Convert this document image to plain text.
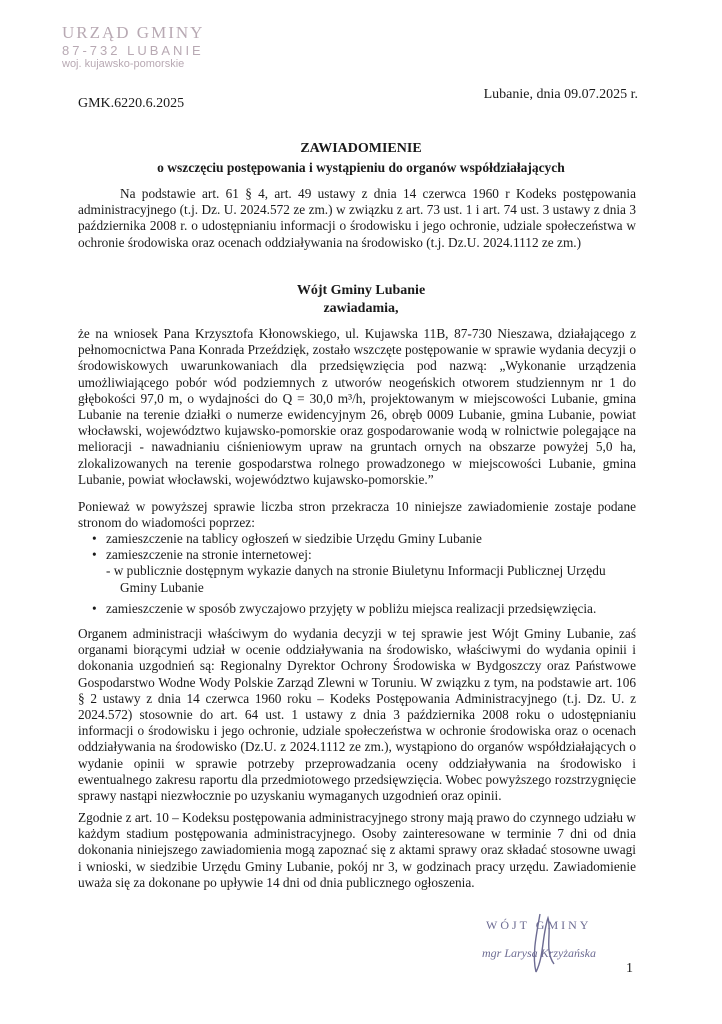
URZĄD GMINY
87-732 LUBANIE
woj. kujawsko-pomorskie
Lubanie, dnia 09.07.2025 r.
GMK.6220.6.2025
ZAWIADOMIENIE
o wszczęciu postępowania i wystąpieniu do organów współdziałających
Na podstawie art. 61 § 4, art. 49 ustawy z dnia 14 czerwca 1960 r Kodeks postępowania administracyjnego (t.j. Dz. U. 2024.572 ze zm.) w związku z art. 73 ust. 1 i art. 74 ust. 3 ustawy z dnia 3 października 2008 r. o udostępnianiu informacji o środowisku i jego ochronie, udziale społeczeństwa w ochronie środowiska oraz ocenach oddziaływania na środowisko (t.j. Dz.U. 2024.1112 ze zm.)
Wójt Gminy Lubanie
zawiadamia,
że na wniosek Pana Krzysztofa Kłonowskiego, ul. Kujawska 11B, 87-730 Nieszawa, działającego z pełnomocnictwa Pana Konrada Przeździęk, zostało wszczęte postępowanie w sprawie wydania decyzji o środowiskowych uwarunkowaniach dla przedsięwzięcia pod nazwą: „Wykonanie urządzenia umożliwiającego pobór wód podziemnych z utworów neogeńskich otworem studziennym nr 1 do głębokości 97,0 m, o wydajności do Q = 30,0 m³/h, projektowanym w miejscowości Lubanie, gmina Lubanie na terenie działki o numerze ewidencyjnym 26, obręb 0009 Lubanie, gmina Lubanie, powiat włocławski, województwo kujawsko-pomorskie oraz gospodarowanie wodą w rolnictwie polegające na melioracji - nawadnianiu ciśnieniowym upraw na gruntach ornych na obszarze powyżej 5,0 ha, zlokalizowanych na terenie gospodarstwa rolnego prowadzonego w miejscowości Lubanie, gmina Lubanie, powiat włocławski, województwo kujawsko-pomorskie.”
Ponieważ w powyższej sprawie liczba stron przekracza 10 niniejsze zawiadomienie zostaje podane stronom do wiadomości poprzez:
• zamieszczenie na tablicy ogłoszeń w siedzibie Urzędu Gminy Lubanie
• zamieszczenie na stronie internetowej:
- w publicznie dostępnym wykazie danych na stronie Biuletynu Informacji Publicznej Urzędu
Gminy Lubanie
• zamieszczenie w sposób zwyczajowo przyjęty w pobliżu miejsca realizacji przedsięwzięcia.
Organem administracji właściwym do wydania decyzji w tej sprawie jest Wójt Gminy Lubanie, zaś organami biorącymi udział w ocenie oddziaływania na środowisko, właściwymi do wydania opinii i dokonania uzgodnień są: Regionalny Dyrektor Ochrony Środowiska w Bydgoszczy oraz Państwowe Gospodarstwo Wodne Wody Polskie Zarząd Zlewni w Toruniu. W związku z tym, na podstawie art. 106 § 2 ustawy z dnia 14 czerwca 1960 roku – Kodeks Postępowania Administracyjnego (t.j. Dz. U. z 2024.572) stosownie do art. 64 ust. 1 ustawy z dnia 3 października 2008 roku o udostępnianiu informacji o środowisku i jego ochronie, udziale społeczeństwa w ochronie środowiska oraz o ocenach oddziaływania na środowisko (Dz.U. z 2024.1112 ze zm.), wystąpiono do organów współdziałających o wydanie opinii w sprawie potrzeby przeprowadzania oceny oddziaływania na środowisko i ewentualnego zakresu raportu dla przedmiotowego przedsięwzięcia. Wobec powyższego rozstrzygnięcie sprawy nastąpi niezwłocznie po uzyskaniu wymaganych uzgodnień oraz opinii.
Zgodnie z art. 10 – Kodeksu postępowania administracyjnego strony mają prawo do czynnego udziału w każdym stadium postępowania administracyjnego. Osoby zainteresowane w terminie 7 dni od dnia dokonania niniejszego zawiadomienia mogą zapoznać się z aktami sprawy oraz składać stosowne uwagi i wnioski, w siedzibie Urzędu Gminy Lubanie, pokój nr 3, w godzinach pracy urzędu. Zawiadomienie uważa się za dokonane po upływie 14 dni od dnia publicznego ogłoszenia.
WÓJT GMINY
mgr Larysa Krzyżańska
1
